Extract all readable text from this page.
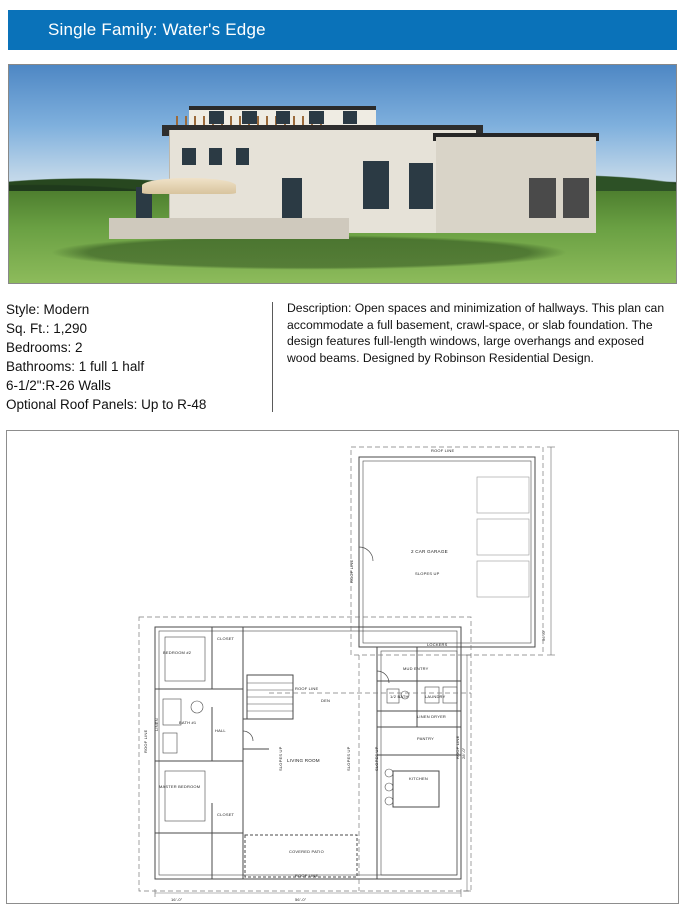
Single Family: Water's Edge
Style: Modern
Sq. Ft.: 1,290
Bedrooms: 2
Bathrooms: 1 full 1 half
6-1/2":R-26 Walls
Optional Roof Panels: Up to R-48
Description: Open spaces and minimization of hallways. This plan can accommodate a full basement, crawl-space, or slab foundation. The design features full-length windows, large overhangs and exposed wood beams. Designed by Robinson Residential Design.
2 CAR GARAGE
SLOPES UP
ROOF LINE
ROOF LINE
ROOF LINE
ROOF LINE	ROOF LINE
ROOF LINE
LOCKERS
MUD ENTRY
1/2 BATH	LAUNDRY
LINEN DRYER
PANTRY
KITCHEN
DEN
LIVING ROOM
SLOPES UP	SLOPES UP	SLOPES UP
BEDROOM #2
CLOSET
BATH #1
HALL
LINEN
MASTER BEDROOM
CLOSET
COVERED PATIO
56'-0"
28'-0"
56'-0"
16'-0"
